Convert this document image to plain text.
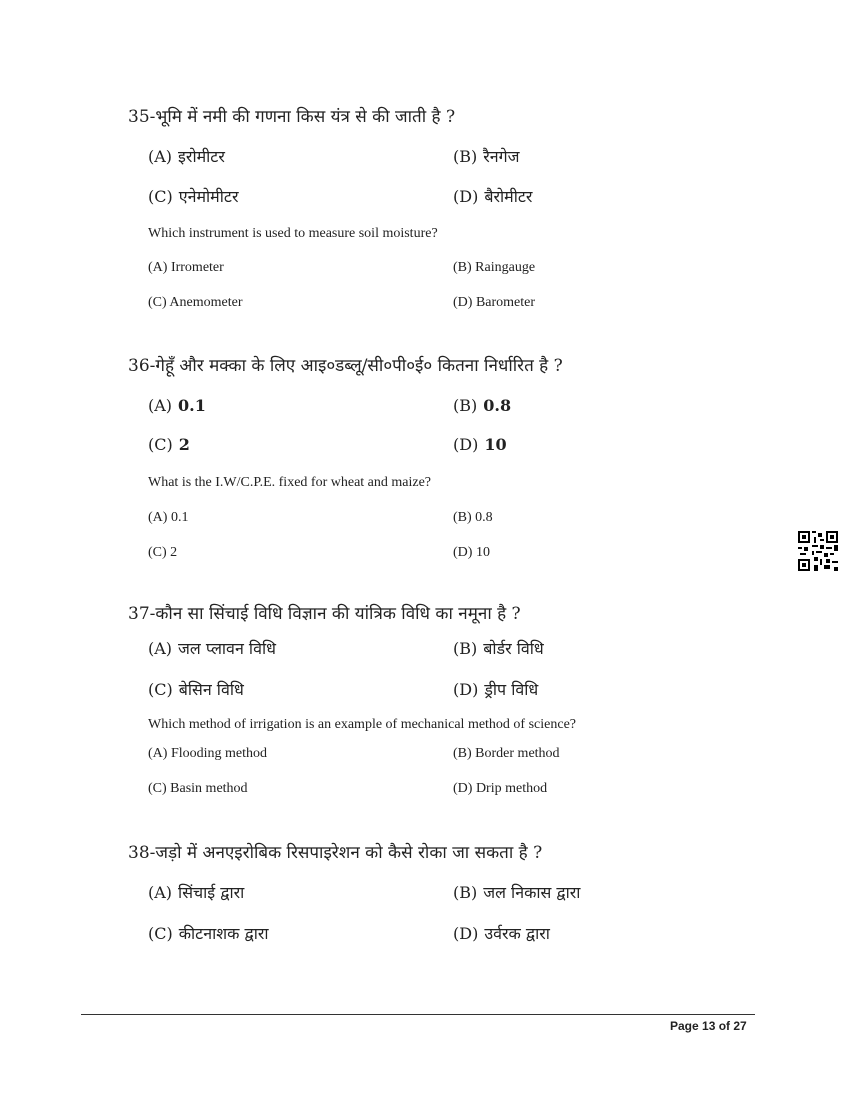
35-भूमि में नमी की गणना किस यंत्र से की जाती है ?
(A) इरोमीटर	(B) रैनगेज
(C) एनेमोमीटर	(D) बैरोमीटर
Which instrument is used to measure soil moisture?
(A) Irrometer	(B) Raingauge
(C) Anemometer	(D) Barometer
36-गेहूँ और मक्का के लिए आइ०डब्लू/सी०पी०ई० कितना निर्धारित है ?
(A) 0.1	(B) 0.8
(C) 2	(D) 10
What is the I.W/C.P.E. fixed for wheat and maize?
(A) 0.1	(B) 0.8
(C) 2	(D) 10
37-कौन सा सिंचाई विधि विज्ञान की यांत्रिक विधि का नमूना है ?
(A) जल प्लावन विधि	(B) बोर्डर विधि
(C) बेसिन विधि	(D) ड्रीप विधि
Which method of irrigation is an example of mechanical method of science?
(A) Flooding method	(B) Border method
(C) Basin method	(D) Drip method
38-जड़ो में अनएइरोबिक रिसपाइरेशन को कैसे रोका जा सकता है ?
(A) सिंचाई द्वारा	(B) जल निकास द्वारा
(C) कीटनाशक द्वारा	(D) उर्वरक द्वारा
Page 13 of 27
